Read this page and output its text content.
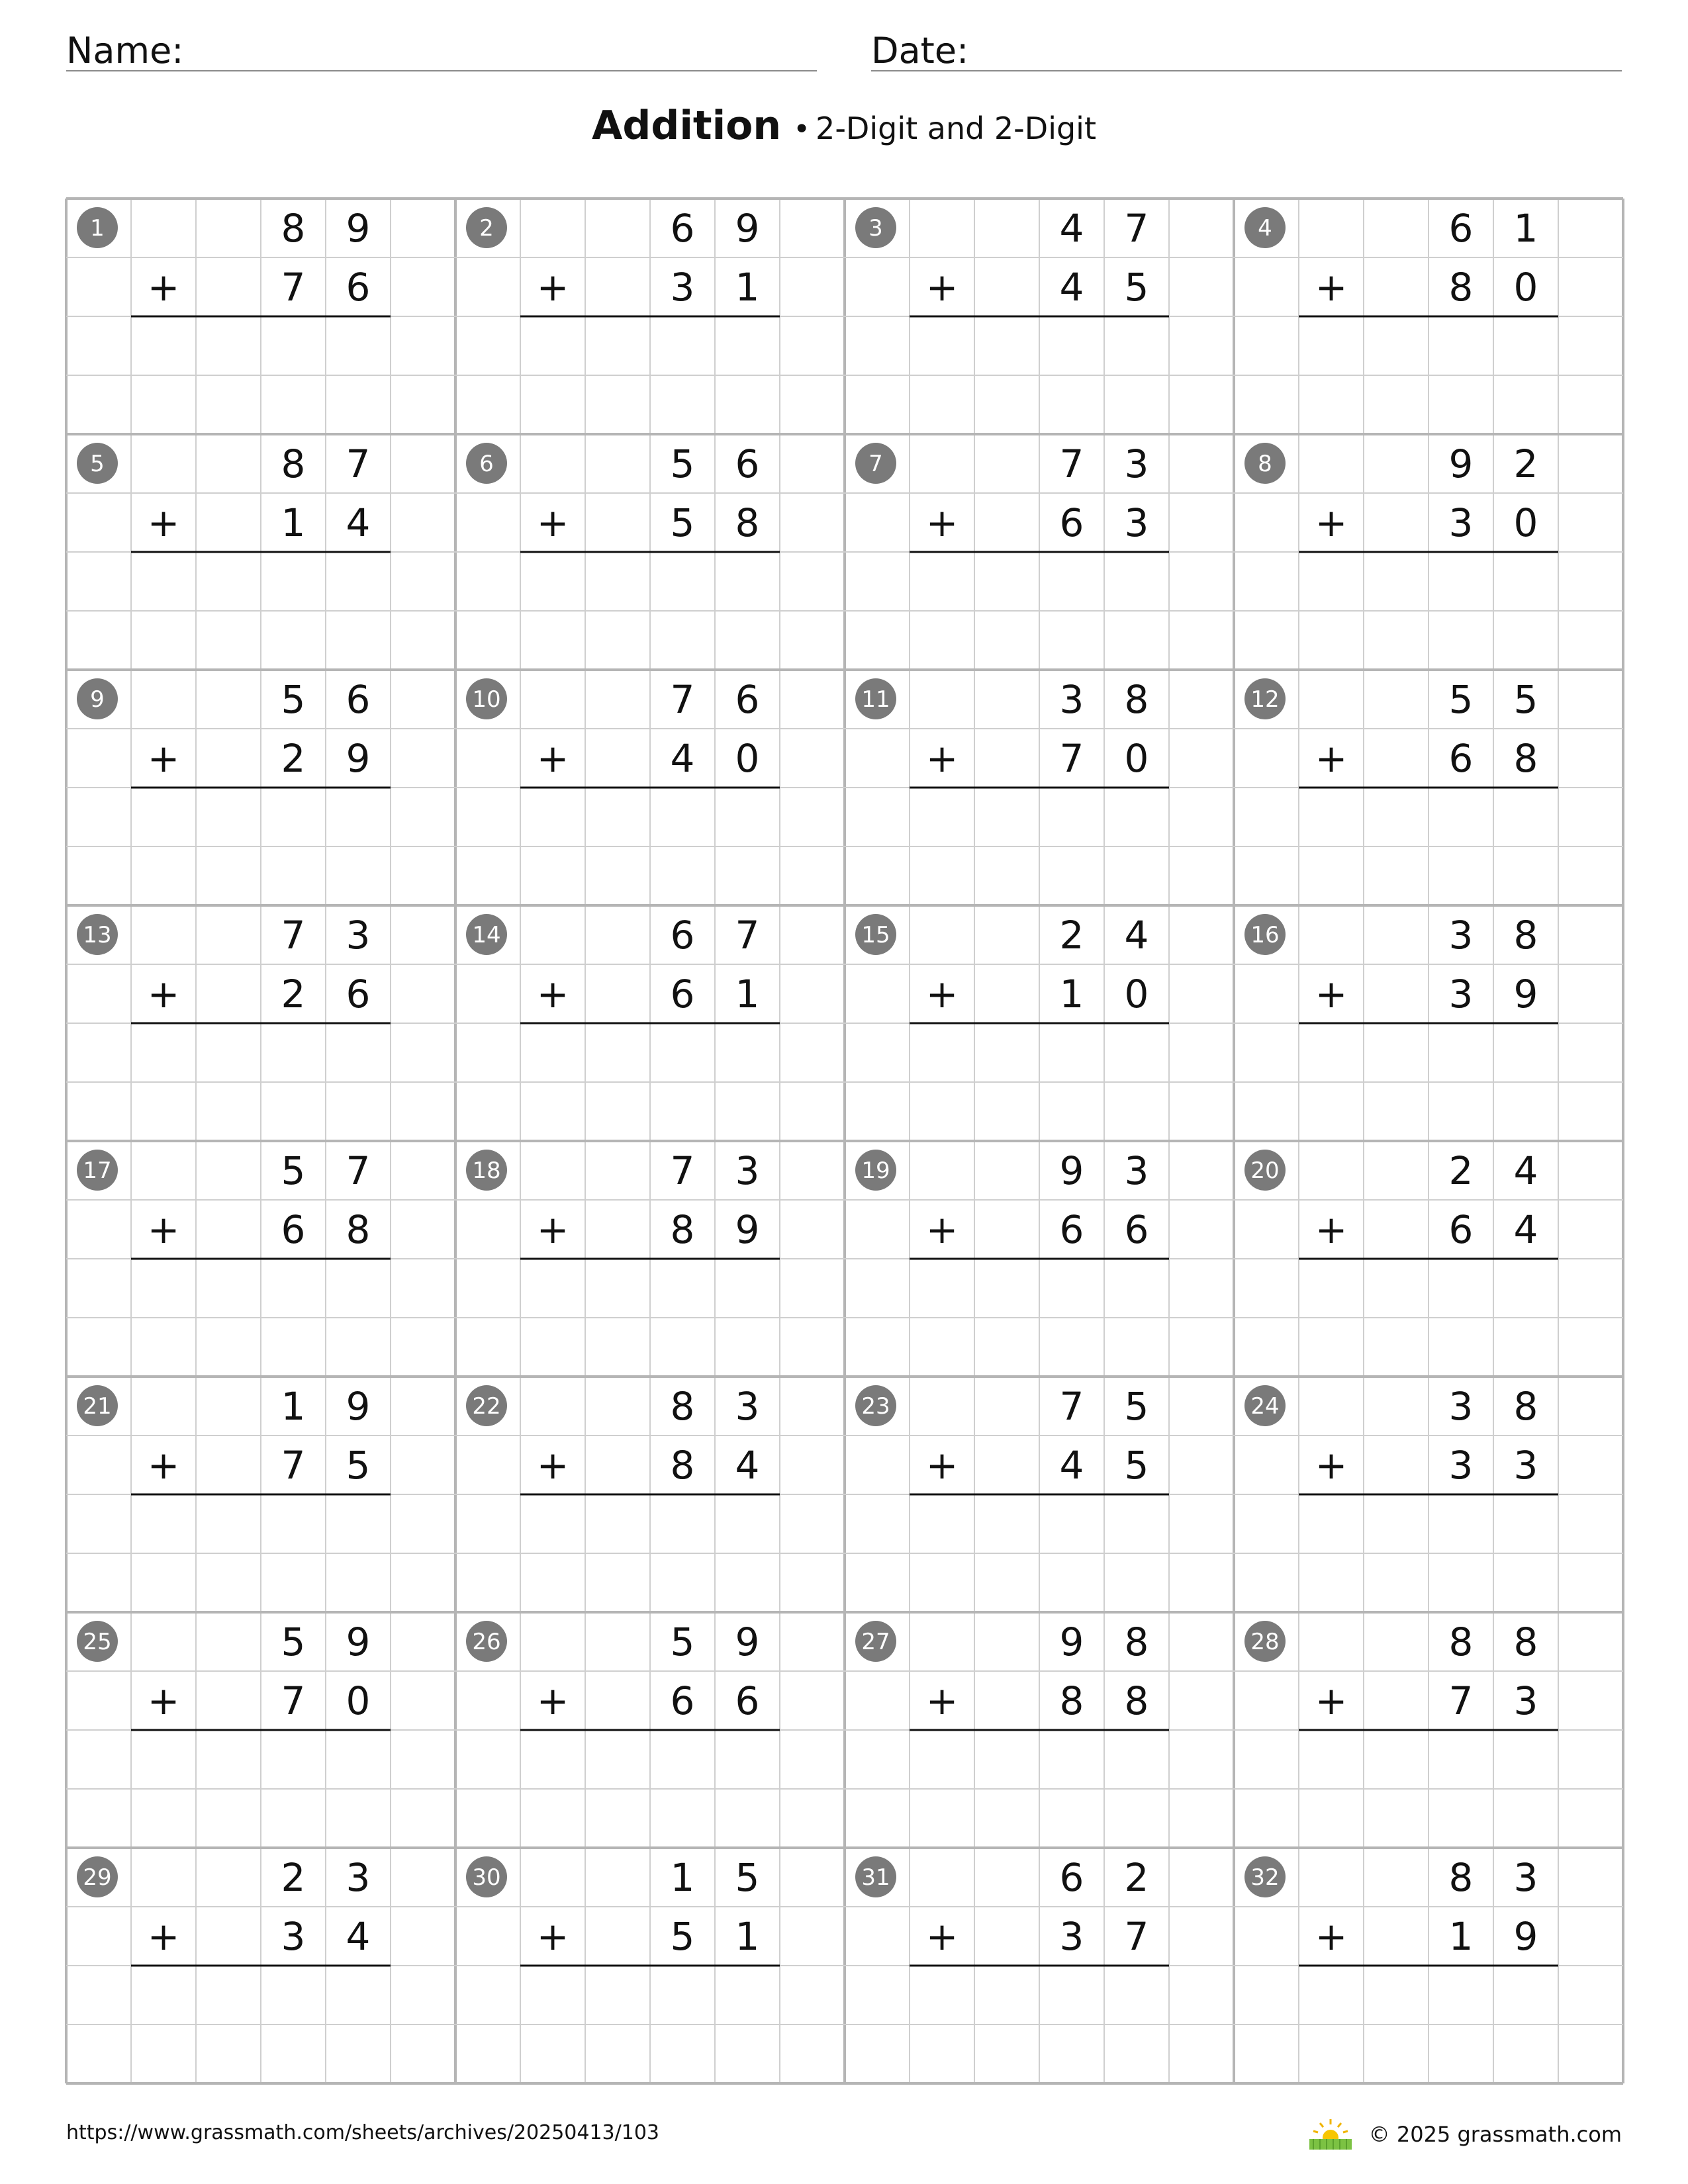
Name:	Date:
Addition • 2-Digit and 2-Digit
1	8 9
+	7 6
2	6 9
+	3 1
3	4 7
+	4 5
4	6 1
+	8 0
5	8 7
+	1 4
6	5 6
+	5 8
7	7 3
+	6 3
8	9 2
+	3 0
9	5 6
+	2 9
10	7 6
+	4 0
11	3 8
+	7 0
12	5 5
+	6 8
13	7 3
+	2 6
14	6 7
+	6 1
15	2 4
+	1 0
16	3 8
+	3 9
17	5 7
+	6 8
18	7 3
+	8 9
19	9 3
+	6 6
20	2 4
+	6 4
21	1 9
+	7 5
22	8 3
+	8 4
23	7 5
+	4 5
24	3 8
+	3 3
25	5 9
+	7 0
26	5 9
+	6 6
27	9 8
+	8 8
28	8 8
+	7 3
29	2 3
+	3 4
30	1 5
+	5 1
31	6 2
+	3 7
32	8 3
+	1 9
https://www.grassmath.com/sheets/archives/20250413/103	© 2025 grassmath.com
